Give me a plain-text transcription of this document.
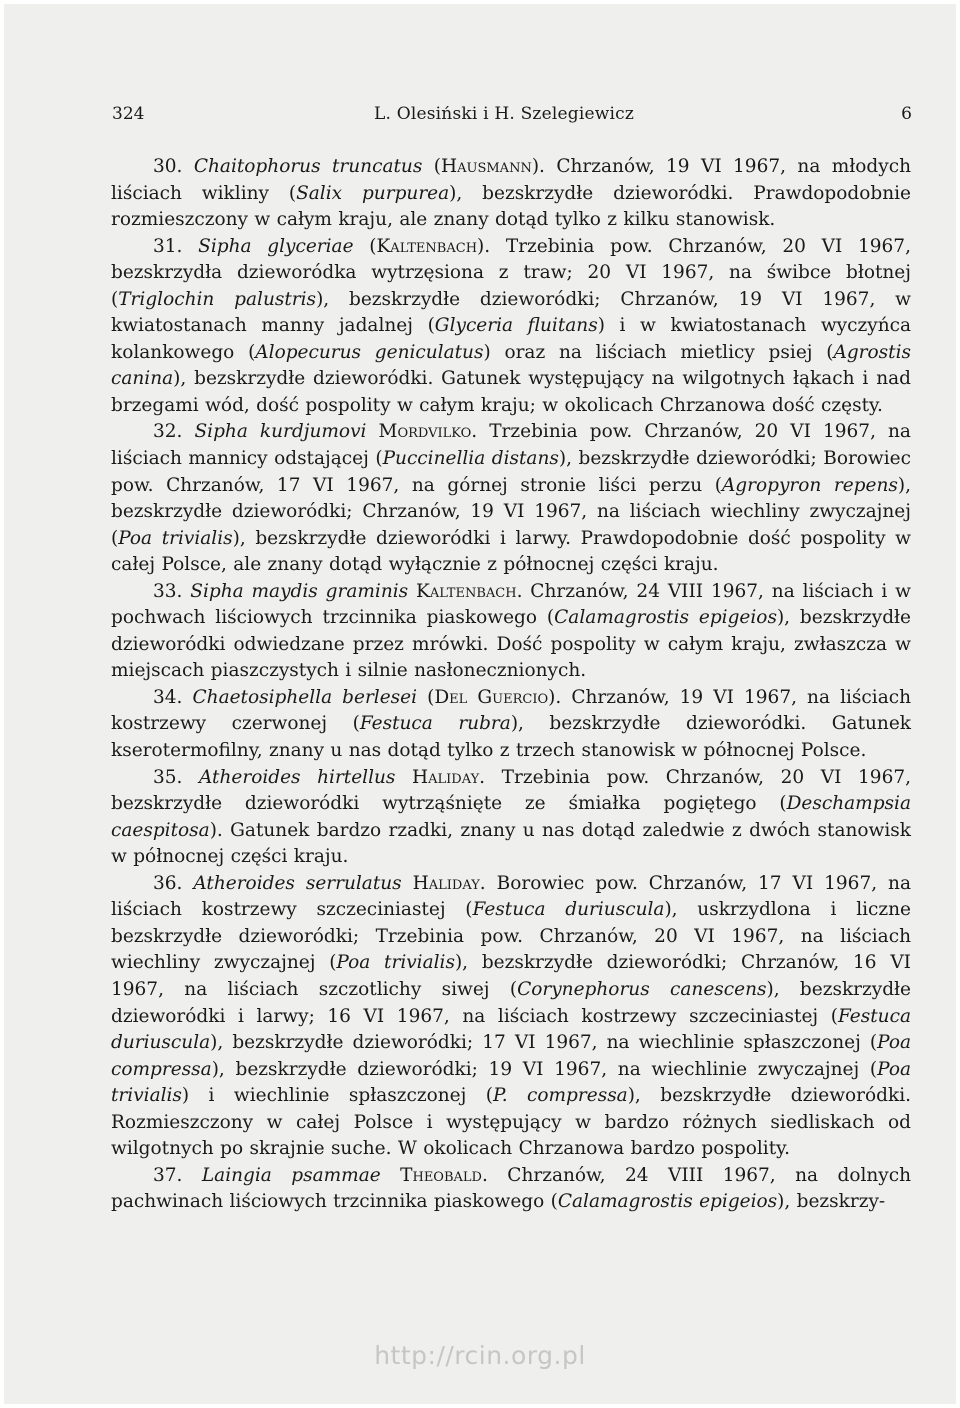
324	L. Olesiński i H. Szelegiewicz	6

30. Chaitophorus truncatus (Hausmann). Chrzanów, 19 VI 1967, na młodych liściach wikliny (Salix purpurea), bezskrzydłe dzieworódki. Prawdopodobnie rozmieszczony w całym kraju, ale znany dotąd tylko z kilku stanowisk.

31. Sipha glyceriae (Kaltenbach). Trzebinia pow. Chrzanów, 20 VI 1967, bezskrzydła dzieworódka wytrzęsiona z traw; 20 VI 1967, na świbce błotnej (Triglochin palustris), bezskrzydłe dzieworódki; Chrzanów, 19 VI 1967, w kwiatostanach manny jadalnej (Glyceria fluitans) i w kwiatostanach wyczyńca kolankowego (Alopecurus geniculatus) oraz na liściach mietlicy psiej (Agrostis canina), bezskrzydłe dzieworódki. Gatunek występujący na wilgotnych łąkach i nad brzegami wód, dość pospolity w całym kraju; w okolicach Chrzanowa dość częsty.

32. Sipha kurdjumovi Mordvilko. Trzebinia pow. Chrzanów, 20 VI 1967, na liściach mannicy odstającej (Puccinellia distans), bezskrzydłe dzieworódki; Borowiec pow. Chrzanów, 17 VI 1967, na górnej stronie liści perzu (Agropyron repens), bezskrzydłe dzieworódki; Chrzanów, 19 VI 1967, na liściach wiechliny zwyczajnej (Poa trivialis), bezskrzydłe dzieworódki i larwy. Prawdopodobnie dość pospolity w całej Polsce, ale znany dotąd wyłącznie z północnej części kraju.

33. Sipha maydis graminis Kaltenbach. Chrzanów, 24 VIII 1967, na liściach i w pochwach liściowych trzcinnika piaskowego (Calamagrostis epigeios), bezskrzydłe dzieworódki odwiedzane przez mrówki. Dość pospolity w całym kraju, zwłaszcza w miejscach piaszczystych i silnie nasłonecznionych.

34. Chaetosiphella berlesei (Del Guercio). Chrzanów, 19 VI 1967, na liściach kostrzewy czerwonej (Festuca rubra), bezskrzydłe dzieworódki. Gatunek kserotermofilny, znany u nas dotąd tylko z trzech stanowisk w północnej Polsce.

35. Atheroides hirtellus Haliday. Trzebinia pow. Chrzanów, 20 VI 1967, bezskrzydłe dzieworódki wytrząśnięte ze śmiałka pogiętego (Deschampsia caespitosa). Gatunek bardzo rzadki, znany u nas dotąd zaledwie z dwóch stanowisk w północnej części kraju.

36. Atheroides serrulatus Haliday. Borowiec pow. Chrzanów, 17 VI 1967, na liściach kostrzewy szczeciniastej (Festuca duriuscula), uskrzydlona i liczne bezskrzydłe dzieworódki; Trzebinia pow. Chrzanów, 20 VI 1967, na liściach wiechliny zwyczajnej (Poa trivialis), bezskrzydłe dzieworódki; Chrzanów, 16 VI 1967, na liściach szczotlichy siwej (Corynephorus canescens), bezskrzydłe dzieworódki i larwy; 16 VI 1967, na liściach kostrzewy szczeciniastej (Festuca duriuscula), bezskrzydłe dzieworódki; 17 VI 1967, na wiechlinie spłaszczonej (Poa compressa), bezskrzydłe dzieworódki; 19 VI 1967, na wiechlinie zwyczajnej (Poa trivialis) i wiechlinie spłaszczonej (P. compressa), bezskrzydłe dzieworódki. Rozmieszczony w całej Polsce i występujący w bardzo różnych siedliskach od wilgotnych po skrajnie suche. W okolicach Chrzanowa bardzo pospolity.

37. Laingia psammae Theobald. Chrzanów, 24 VIII 1967, na dolnych pachwinach liściowych trzcinnika piaskowego (Calamagrostis epigeios), bezskrzy-

http://rcin.org.pl
